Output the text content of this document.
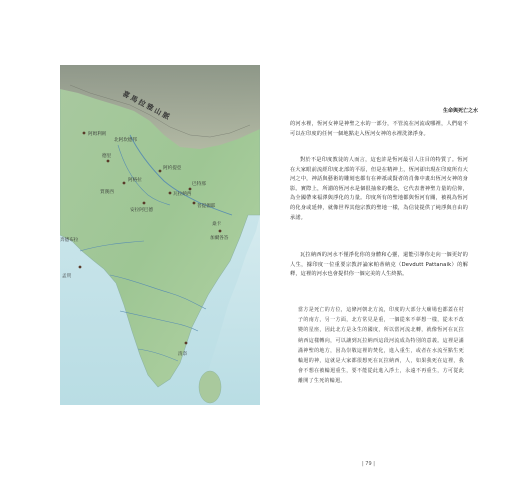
喜馬拉雅山脈
阿姆利則
北阿坎德邦
德里
阿約提亞
瓦拉納西
安拉阿巴德
賈漢西
阿格拉
巴特那
菩提伽耶
加爾各答
桑卡
奔德布拉
孟買
清奈
生命與死亡之水

的河水裡，恆河女神是神聖之水的一部分，不管流在河流或哪裡，人們毫不可以在印度的任何一個地點走入恆河女神的水裡洗涤淨身。

對於不是印度教徒的人而言，這也許是恆河最引人注目的特質了。恆河在大家眼前流經印度北部的平原，但是在精神上，恆河卻出現在印度所有大河之中，神話與藝術的雕刻也都有在神祇或賢者的肖像中畫出恆河女神的身影。實際上，所謂的恆河水是個很抽象的概念，它代表著神聖力量的信仰，為全國帶來福澤與淨化的力量。印度所有的聖地都與恆河有關，被視為恆河的化身或延伸，就像世界其他宗教的聖地一樣，為信徒提供了純淨與自由的承諾。

瓦拉納西的河水不僅淨化你的身體和心靈，還能引導你走向一個更好的人生，據印度一位重要宗教評論家帕蒂納克（Devdutt Pattanaik）的解釋，這裡的河水也會提供你一個完美的人生終點。

當方是死亡的方位，這條河朝北方流，印度的大部分大廟場也都蓋在村子的南方，另一方面，北方常見是重，一個從來不夢想一樣，從未不改變的星座，因此北方是永生的國度，所以當河流北轉，就像恆河在瓦拉納西這樣轉向，可以讓到瓦拉納西這段河流成為特別的意義。這裡是滿滿神聖的地方，因為崇敬這裡的焚化，進入重生，或者在水流至點生死輪迴的神，這就是大家都很想死在瓦拉納西，人，如果我死在這裡，我會不想在被輪迴重生，要不能從此進入淨土，永遠不再重生，方可從此離開了生死的輪迴。

| 79 |
